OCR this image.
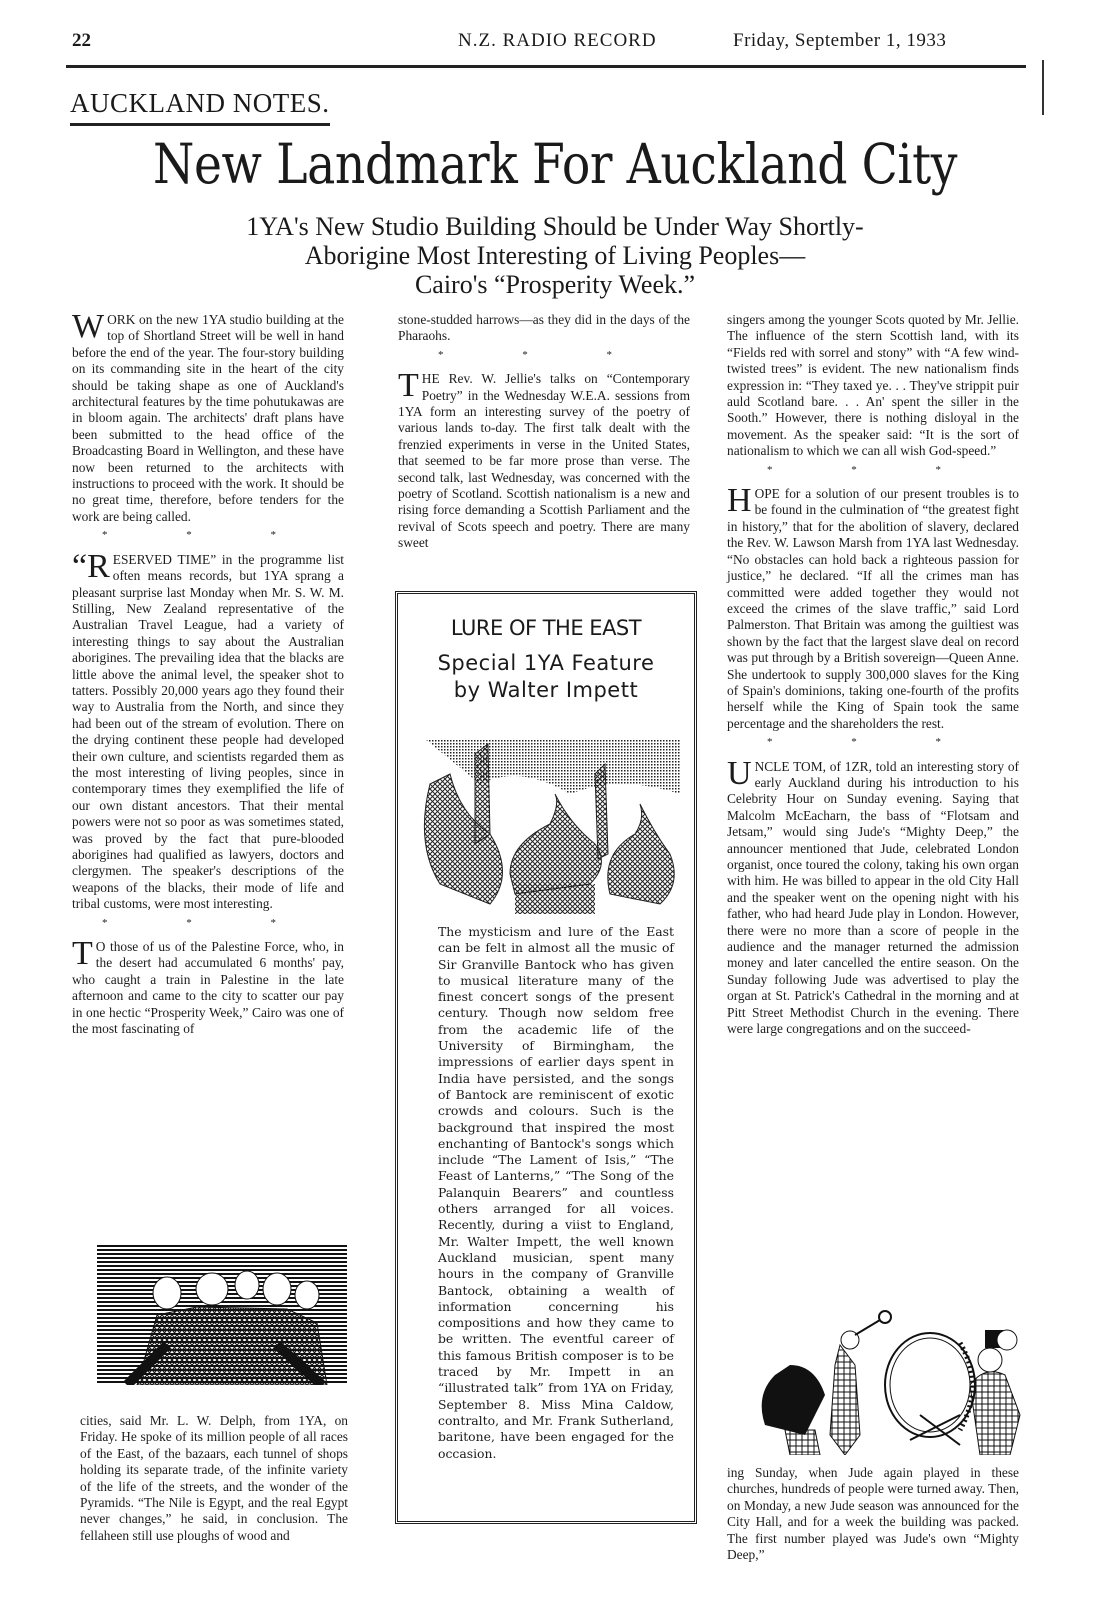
22	N.Z. RADIO RECORD	Friday, September 1, 1933
AUCKLAND NOTES.
New Landmark For Auckland City
1YA's New Studio Building Should be Under Way Shortly-
Aborigine Most Interesting of Living Peoples—
Cairo's “Prosperity Week.”

WORK on the new 1YA studio building at the top of Shortland Street will be well in hand before the end of the year. The four-story building on its commanding site in the heart of the city should be taking shape as one of Auckland's architectural features by the time pohutukawas are in bloom again. The architects' draft plans have been submitted to the head office of the Broadcasting Board in Wellington, and these have now been returned to the architects with instructions to proceed with the work. It should be no great time, therefore, before tenders for the work are being called.

* * *

“RESERVED TIME” in the programme list often means records, but 1YA sprang a pleasant surprise last Monday when Mr. S. W. M. Stilling, New Zealand representative of the Australian Travel League, had a variety of interesting things to say about the Australian aborigines. The prevailing idea that the blacks are little above the animal level, the speaker shot to tatters. Possibly 20,000 years ago they found their way to Australia from the North, and since they had been out of the stream of evolution. There on the drying continent these people had developed their own culture, and scientists regarded them as the most interesting of living peoples, since in contemporary times they exemplified the life of our own distant ancestors. That their mental powers were not so poor as was sometimes stated, was proved by the fact that pure-blooded aborigines had qualified as lawyers, doctors and clergymen. The speaker's descriptions of the weapons of the blacks, their mode of life and tribal customs, were most interesting.

* * *

T O those of us of the Palestine Force, who, in the desert had accumulated 6 months' pay, who caught a train in Palestine in the late afternoon and came to the city to scatter our pay in one hectic “Prosperity Week,” Cairo was one of the most fascinating of

cities, said Mr. L. W. Delph, from 1YA, on Friday. He spoke of its million people of all races of the East, of the bazaars, each tunnel of shops holding its separate trade, of the infinite variety of the life of the streets, and the wonder of the Pyramids. “The Nile is Egypt, and the real Egypt never changes,” he said, in conclusion. The fellaheen still use ploughs of wood and

stone-studded harrows—as they did in the days of the Pharaohs.

* * *

THE Rev. W. Jellie's talks on “Contemporary Poetry” in the Wednesday W.E.A. sessions from 1YA form an interesting survey of the poetry of various lands to-day. The first talk dealt with the frenzied experiments in verse in the United States, that seemed to be far more prose than verse. The second talk, last Wednesday, was concerned with the poetry of Scotland. Scottish nationalism is a new and rising force demanding a Scottish Parliament and the revival of Scots speech and poetry. There are many sweet

LURE OF THE EAST
Special 1YA Feature
by Walter Impett
The mysticism and lure of the East can be felt in almost all the music of Sir Granville Bantock who has given to musical literature many of the finest concert songs of the present century. Though now seldom free from the academic life of the University of Birmingham, the impressions of earlier days spent in India have persisted, and the songs of Bantock are reminiscent of exotic crowds and colours. Such is the background that inspired the most enchanting of Bantock's songs which include “The Lament of Isis,” “The Feast of Lanterns,” “The Song of the Palanquin Bearers” and countless others arranged for all voices. Recently, during a viist to England, Mr. Walter Impett, the well known Auckland musician, spent many hours in the company of Granville Bantock, obtaining a wealth of information concerning his compositions and how they came to be written. The eventful career of this famous British composer is to be traced by Mr. Impett in an “illustrated talk” from 1YA on Friday, September 8. Miss Mina Caldow, contralto, and Mr. Frank Sutherland, baritone, have been engaged for the occasion.

singers among the younger Scots quoted by Mr. Jellie. The influence of the stern Scottish land, with its “Fields red with sorrel and stony” with “A few wind-twisted trees” is evident. The new nationalism finds expression in: “They taxed ye. . . They've strippit puir auld Scotland bare. . . An' spent the siller in the Sooth.” However, there is nothing disloyal in the movement. As the speaker said: “It is the sort of nationalism to which we can all wish God-speed.”

* * *

HOPE for a solution of our present troubles is to be found in the culmination of “the greatest fight in history,” that for the abolition of slavery, declared the Rev. W. Lawson Marsh from 1YA last Wednesday. “No obstacles can hold back a righteous passion for justice,” he declared. “If all the crimes man has committed were added together they would not exceed the crimes of the slave traffic,” said Lord Palmerston. That Britain was among the guiltiest was shown by the fact that the largest slave deal on record was put through by a British sovereign—Queen Anne. She undertook to supply 300,000 slaves for the King of Spain's dominions, taking one-fourth of the profits herself while the King of Spain took the same percentage and the shareholders the rest.

* * *

UNCLE TOM, of 1ZR, told an interesting story of early Auckland during his introduction to his Celebrity Hour on Sunday evening. Saying that Malcolm McEacharn, the bass of “Flotsam and Jetsam,” would sing Jude's “Mighty Deep,” the announcer mentioned that Jude, celebrated London organist, once toured the colony, taking his own organ with him. He was billed to appear in the old City Hall and the speaker went on the opening night with his father, who had heard Jude play in London. However, there were no more than a score of people in the audience and the manager returned the admission money and later cancelled the entire season. On the Sunday following Jude was advertised to play the organ at St. Patrick's Cathedral in the morning and at Pitt Street Methodist Church in the evening. There were large congregations and on the succeed-

ing Sunday, when Jude again played in these churches, hundreds of people were turned away. Then, on Monday, a new Jude season was announced for the City Hall, and for a week the building was packed. The first number played was Jude's own “Mighty Deep,”
